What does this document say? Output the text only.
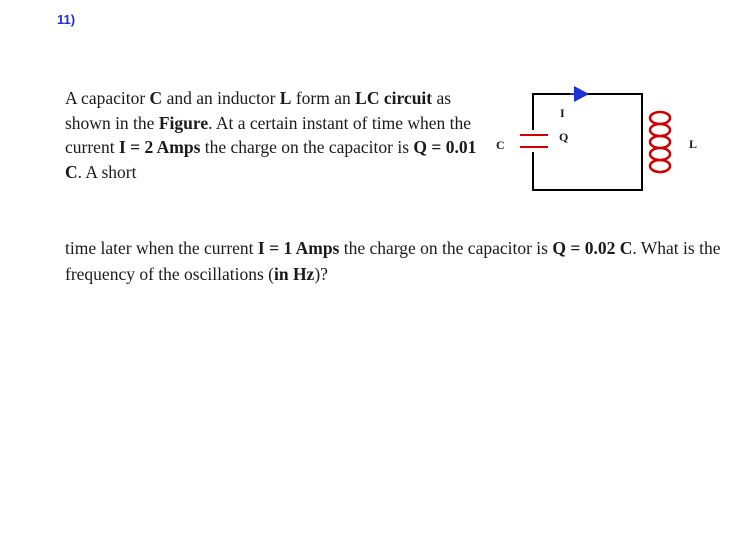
11)
A capacitor C and an inductor L form an LC circuit as shown in the Figure. At a certain instant of time when the current I = 2 Amps the charge on the capacitor is Q = 0.01 C. A short
C
Q
I
L
time later when the current I = 1 Amps the charge on the capacitor is Q = 0.02 C. What is the frequency of the oscillations (in Hz)?
